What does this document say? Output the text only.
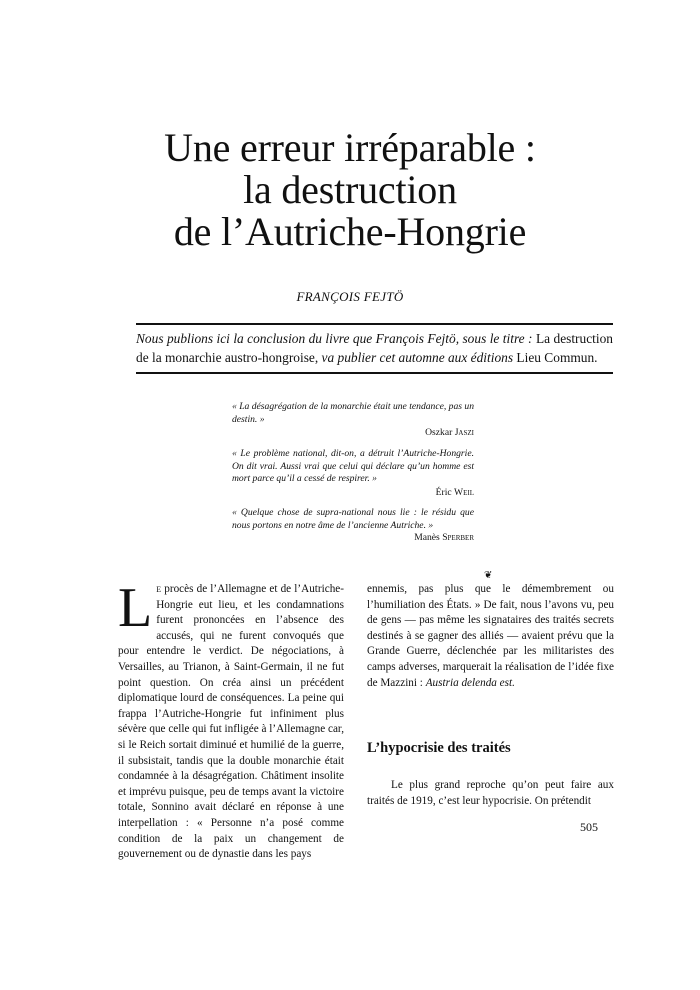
Une erreur irréparable :
la destruction
de l’Autriche-Hongrie
FRANÇOIS FEJTÖ
Nous publions ici la conclusion du livre que François Fejtö, sous le titre : La destruction de la monarchie austro-hongroise, va publier cet automne aux éditions Lieu Commun.
« La désagrégation de la monarchie était une tendance, pas un destin. »
Oszkar Jaszi
« Le problème national, dit-on, a détruit l’Autriche-Hongrie. On dit vrai. Aussi vrai que celui qui déclare qu’un homme est mort parce qu’il a cessé de respirer. »
Éric Weil
« Quelque chose de supra-national nous lie : le résidu que nous portons en notre âme de l’ancienne Autriche. »
Manès Sperber
❦

Le procès de l’Allemagne et de l’Autriche-Hongrie eut lieu, et les condamnations furent prononcées en l’absence des accusés, qui ne furent convoqués que pour entendre le verdict. De négociations, à Versailles, au Trianon, à Saint-Germain, il ne fut point question. On créa ainsi un précédent diplomatique lourd de conséquences. La peine qui frappa l’Autriche-Hongrie fut infiniment plus sévère que celle qui fut infligée à l’Allemagne car, si le Reich sortait diminué et humilié de la guerre, il subsistait, tandis que la double monarchie était condamnée à la désagrégation. Châtiment insolite et imprévu puisque, peu de temps avant la victoire totale, Sonnino avait déclaré en réponse à une interpellation : « Personne n’a posé comme condition de la paix un changement de gouvernement ou de dynastie dans les pays

ennemis, pas plus que le démembrement ou l’humiliation des États. » De fait, nous l’avons vu, peu de gens — pas même les signataires des traités secrets destinés à se gagner des alliés — avaient prévu que la Grande Guerre, déclenchée par les militaristes des camps adverses, marquerait la réalisation de l’idée fixe de Mazzini : Austria delenda est.

L’hypocrisie des traités

Le plus grand reproche qu’on peut faire aux traités de 1919, c’est leur hypocrisie. On prétendit

505
